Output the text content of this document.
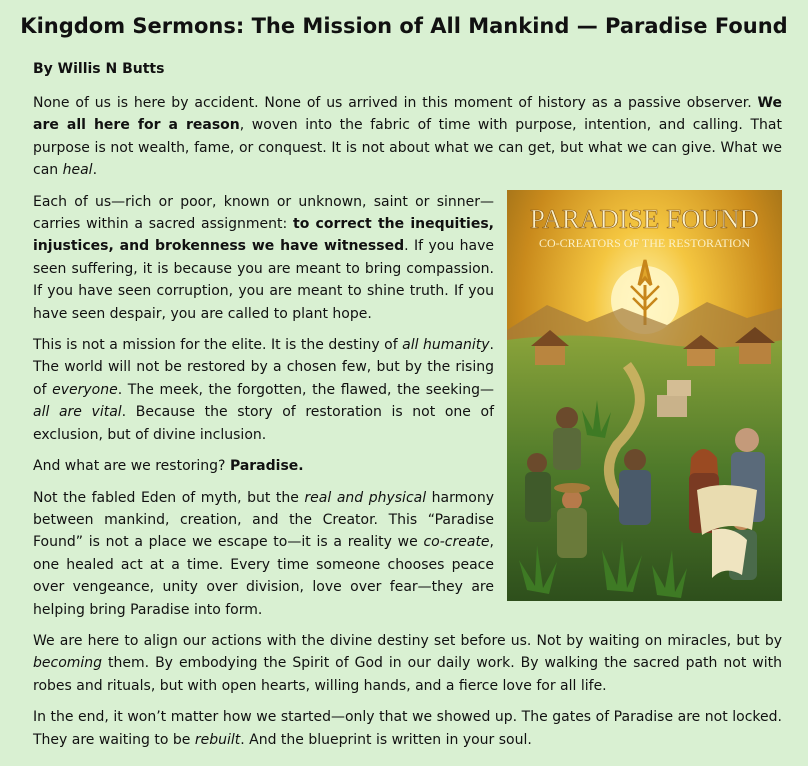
Kingdom Sermons: The Mission of All Mankind — Paradise Found
By Willis N Butts

None of us is here by accident. None of us arrived in this moment of history as a passive observer. We are all here for a reason, woven into the fabric of time with purpose, intention, and calling. That purpose is not wealth, fame, or conquest. It is not about what we can get, but what we can give. What we can heal.

PARADISE FOUND
CO-CREATORS OF THE RESTORATION

Each of us—rich or poor, known or unknown, saint or sinner—carries within a sacred assignment: to correct the inequities, injustices, and brokenness we have witnessed. If you have seen suffering, it is because you are meant to bring compassion. If you have seen corruption, you are meant to shine truth. If you have seen despair, you are called to plant hope.

This is not a mission for the elite. It is the destiny of all humanity. The world will not be restored by a chosen few, but by the rising of everyone. The meek, the forgotten, the flawed, the seeking—all are vital. Because the story of restoration is not one of exclusion, but of divine inclusion.

And what are we restoring? Paradise.

Not the fabled Eden of myth, but the real and physical harmony between mankind, creation, and the Creator. This “Paradise Found” is not a place we escape to—it is a reality we co-create, one healed act at a time. Every time someone chooses peace over vengeance, unity over division, love over fear—they are helping bring Paradise into form.

We are here to align our actions with the divine destiny set before us. Not by waiting on miracles, but by becoming them. By embodying the Spirit of God in our daily work. By walking the sacred path not with robes and rituals, but with open hearts, willing hands, and a fierce love for all life.

In the end, it won’t matter how we started—only that we showed up. The gates of Paradise are not locked. They are waiting to be rebuilt. And the blueprint is written in your soul.
